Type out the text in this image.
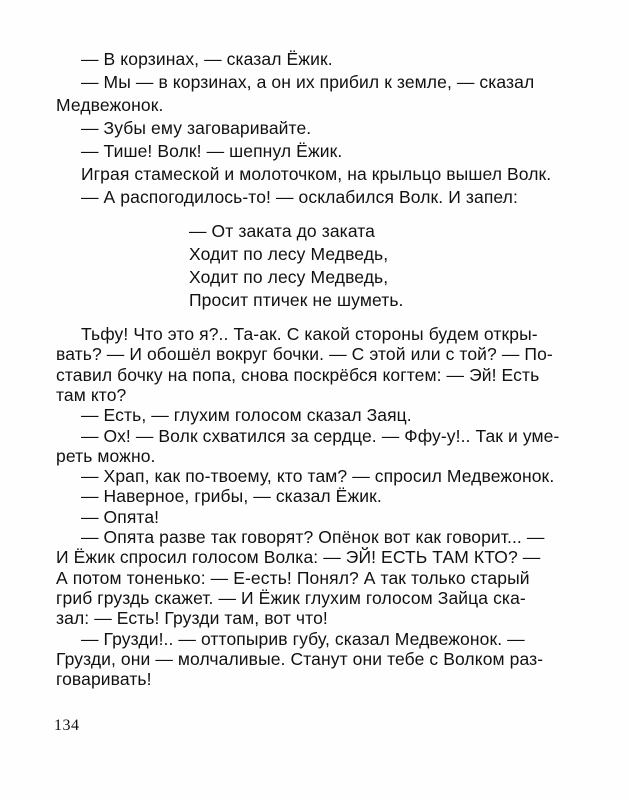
— В корзинах, — сказал Ёжик.
— Мы — в корзинах, а он их прибил к земле, — сказал
Медвежонок.
— Зубы ему заговаривайте.
— Тише! Волк! — шепнул Ёжик.
Играя стамеской и молоточком, на крыльцо вышел Волк.
— А распогодилось-то! — осклабился Волк. И запел:
— От заката до заката
Ходит по лесу Медведь,
Ходит по лесу Медведь,
Просит птичек не шуметь.
Тьфу! Что это я?.. Та-ак. С какой стороны будем откры-
вать? — И обошёл вокруг бочки. — С этой или с той? — По-
ставил бочку на попа, снова поскрёбся когтем: — Эй! Есть
там кто?
— Есть, — глухим голосом сказал Заяц.
— Ох! — Волк схватился за сердце. — Ффу-у!.. Так и уме-
реть можно.
— Храп, как по-твоему, кто там? — спросил Медвежонок.
— Наверное, грибы, — сказал Ёжик.
— Опята!
— Опята разве так говорят? Опёнок вот как говорит... —
И Ёжик спросил голосом Волка: — ЭЙ! ЕСТЬ ТАМ КТО? —
А потом тоненько: — Е-есть! Понял? А так только старый
гриб груздь скажет. — И Ёжик глухим голосом Зайца ска-
зал: — Есть! Грузди там, вот что!
— Грузди!.. — оттопырив губу, сказал Медвежонок. —
Грузди, они — молчаливые. Станут они тебе с Волком раз-
говаривать!
134
